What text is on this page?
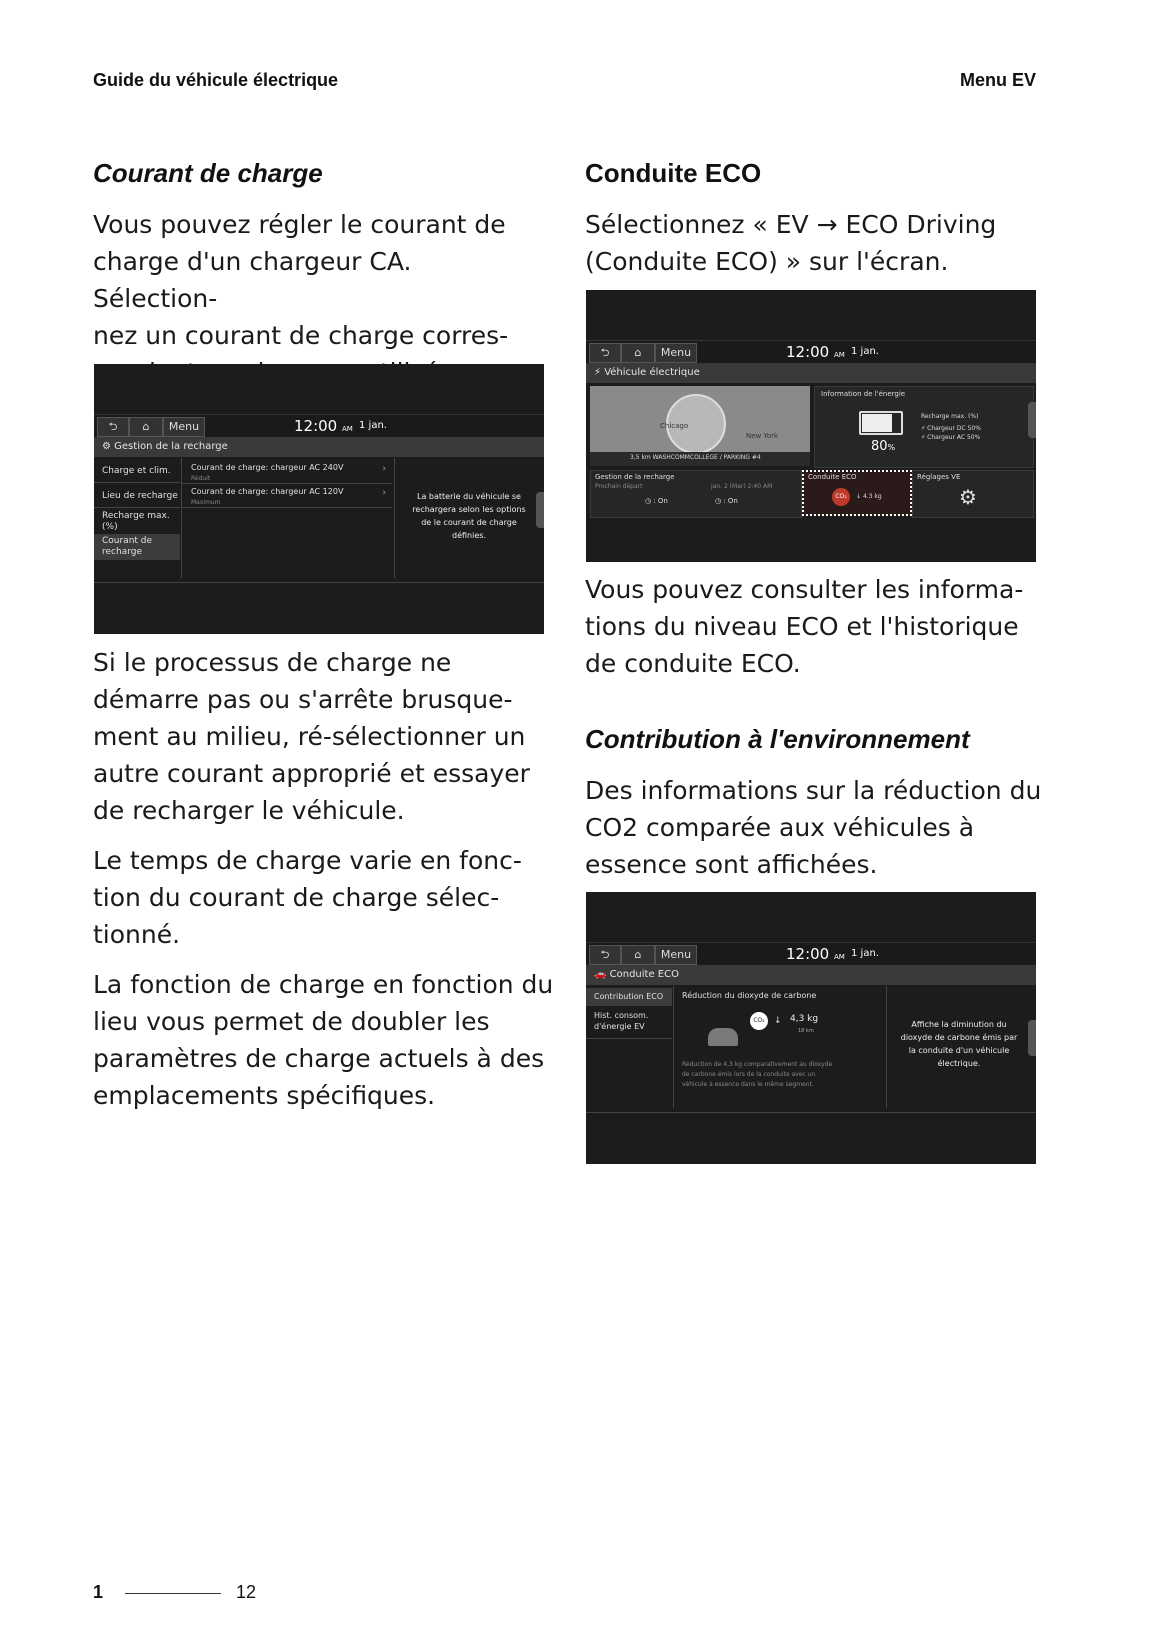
Guide du véhicule électrique	Menu EV
Courant de charge

Vous pouvez régler le courant de

charge d'un chargeur CA. Sélection-

nez un courant de charge corres-

⮌	⌂	Menu	12:00 AM 1 jan.
⚙ Gestion de la recharge
Charge et clim.
Lieu de recharge
Recharge max.
(%)
Courant de
recharge
Courant de charge: chargeur AC 240V
Réduit
›
Courant de charge: chargeur AC 120V
Maximum
›	La batterie du véhicule se
rechargera selon les options
de le courant de charge
définies.

Si le processus de charge ne

démarre pas ou s'arrête brusque-

ment au milieu, ré-sélectionner un

autre courant approprié et essayer

de recharger le véhicule.

Le temps de charge varie en fonc-

tion du courant de charge sélec-

tionné.

La fonction de charge en fonction du

lieu vous permet de doubler les

paramètres de charge actuels à des

emplacements spécifiques.

Conduite ECO

Sélectionnez « EV → ECO Driving

(Conduite ECO) » sur l'écran.

⮌	⌂	Menu	12:00 AM 1 jan.
⚡ Véhicule électrique
Chicago
New York
3,5 km WASHCOMMCOLLEGE / PARKING #4
Information de l'énergie
80%
Recharge max. (%)
⚡ Chargeur DC 50%
⚡ Chargeur AC 50%
Gestion de la recharge
Prochain départ	jan. 2 (Mar) 2:40 AM
◷ : On	◷ : On
Conduite ECO
CO₂	↓ 4.3 kg
Réglages VE
⚙

Vous pouvez consulter les informa-

tions du niveau ECO et l'historique

de conduite ECO.

Contribution à l'environnement

Des informations sur la réduction du

CO2 comparée aux véhicules à

essence sont affichées.

⮌	⌂	Menu	12:00 AM 1 jan.
🚗 Conduite ECO
Contribution ECO
Hist. consom.
d'énergie EV
Réduction du dioxyde de carbone
CO₂	↓ 4,3 kg
18 km
Réduction de 4,3 kg comparativement au dioxyde
de carbone émis lors de la conduite avec un
véhicule à essence dans le même segment.
Affiche la diminution du
dioxyde de carbone émis par
la conduite d'un véhicule
électrique.
1	12
